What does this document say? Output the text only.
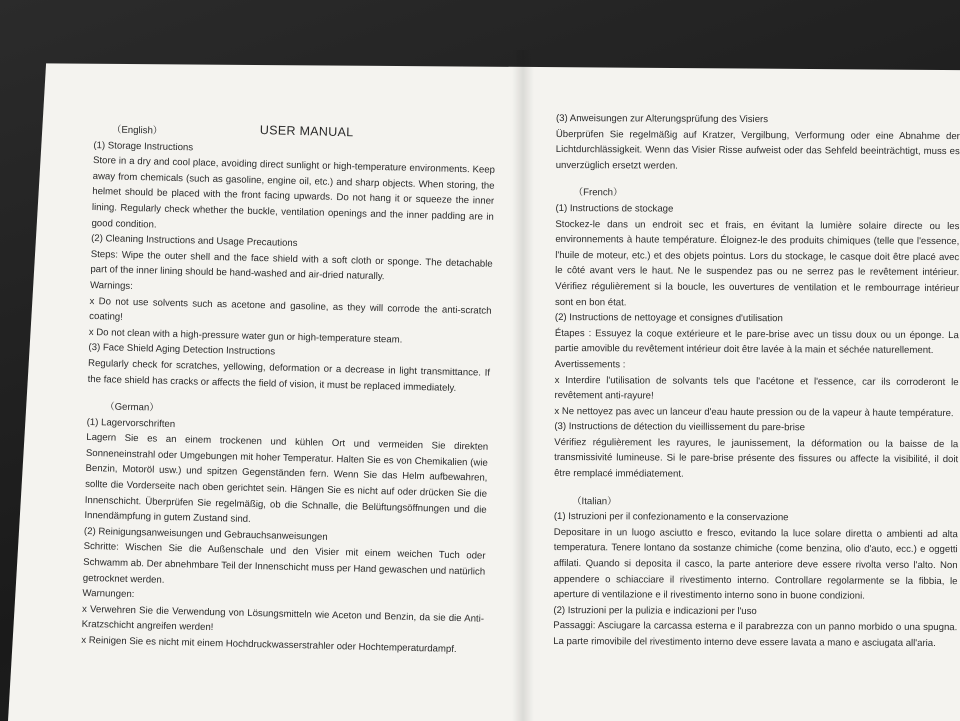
USER MANUAL

（English）

(1) Storage Instructions

Store in a dry and cool place, avoiding direct sunlight or high-temperature environments. Keep away from chemicals (such as gasoline, engine oil, etc.) and sharp objects. When storing, the helmet should be placed with the front facing upwards. Do not hang it or squeeze the inner lining. Regularly check whether the buckle, ventilation openings and the inner padding are in good condition.

(2) Cleaning Instructions and Usage Precautions

Steps: Wipe the outer shell and the face shield with a soft cloth or sponge. The detachable part of the inner lining should be hand-washed and air-dried naturally.

Warnings:

x Do not use solvents such as acetone and gasoline, as they will corrode the anti-scratch coating!

x Do not clean with a high-pressure water gun or high-temperature steam.

(3) Face Shield Aging Detection Instructions

Regularly check for scratches, yellowing, deformation or a decrease in light transmittance. If the face shield has cracks or affects the field of vision, it must be replaced immediately.

（German）

(1) Lagervorschriften

Lagern Sie es an einem trockenen und kühlen Ort und vermeiden Sie direkten Sonneneinstrahl oder Umgebungen mit hoher Temperatur. Halten Sie es von Chemikalien (wie Benzin, Motoröl usw.) und spitzen Gegenständen fern. Wenn Sie das Helm aufbewahren, sollte die Vorderseite nach oben gerichtet sein. Hängen Sie es nicht auf oder drücken Sie die Innenschicht. Überprüfen Sie regelmäßig, ob die Schnalle, die Belüftungsöffnungen und die Innendämpfung in gutem Zustand sind.

(2) Reinigungsanweisungen und Gebrauchsanweisungen

Schritte: Wischen Sie die Außenschale und den Visier mit einem weichen Tuch oder Schwamm ab. Der abnehmbare Teil der Innenschicht muss per Hand gewaschen und natürlich getrocknet werden.

Warnungen:

x Verwehren Sie die Verwendung von Lösungsmitteln wie Aceton und Benzin, da sie die Anti-Kratzschicht angreifen werden!

x Reinigen Sie es nicht mit einem Hochdruckwasserstrahler oder Hochtemperaturdampf.

(3) Anweisungen zur Alterungsprüfung des Visiers

Überprüfen Sie regelmäßig auf Kratzer, Vergilbung, Verformung oder eine Abnahme der Lichtdurchlässigkeit. Wenn das Visier Risse aufweist oder das Sehfeld beeinträchtigt, muss es unverzüglich ersetzt werden.

（French）

(1) Instructions de stockage

Stockez-le dans un endroit sec et frais, en évitant la lumière solaire directe ou les environnements à haute température. Éloignez-le des produits chimiques (telle que l'essence, l'huile de moteur, etc.) et des objets pointus. Lors du stockage, le casque doit être placé avec le côté avant vers le haut. Ne le suspendez pas ou ne serrez pas le revêtement intérieur. Vérifiez régulièrement si la boucle, les ouvertures de ventilation et le rembourrage intérieur sont en bon état.

(2) Instructions de nettoyage et consignes d'utilisation

Étapes : Essuyez la coque extérieure et le pare-brise avec un tissu doux ou un éponge. La partie amovible du revêtement intérieur doit être lavée à la main et séchée naturellement.

Avertissements :

x Interdire l'utilisation de solvants tels que l'acétone et l'essence, car ils corroderont le revêtement anti-rayure!

x Ne nettoyez pas avec un lanceur d'eau haute pression ou de la vapeur à haute température.

(3) Instructions de détection du vieillissement du pare-brise

Vérifiez régulièrement les rayures, le jaunissement, la déformation ou la baisse de la transmissivité lumineuse. Si le pare-brise présente des fissures ou affecte la visibilité, il doit être remplacé immédiatement.

（Italian）

(1) Istruzioni per il confezionamento e la conservazione

Depositare in un luogo asciutto e fresco, evitando la luce solare diretta o ambienti ad alta temperatura. Tenere lontano da sostanze chimiche (come benzina, olio d'auto, ecc.) e oggetti affilati. Quando si deposita il casco, la parte anteriore deve essere rivolta verso l'alto. Non appendere o schiacciare il rivestimento interno. Controllare regolarmente se la fibbia, le aperture di ventilazione e il rivestimento interno sono in buone condizioni.

(2) Istruzioni per la pulizia e indicazioni per l'uso

Passaggi: Asciugare la carcassa esterna e il parabrezza con un panno morbido o una spugna. La parte rimovibile del rivestimento interno deve essere lavata a mano e asciugata all'aria.
